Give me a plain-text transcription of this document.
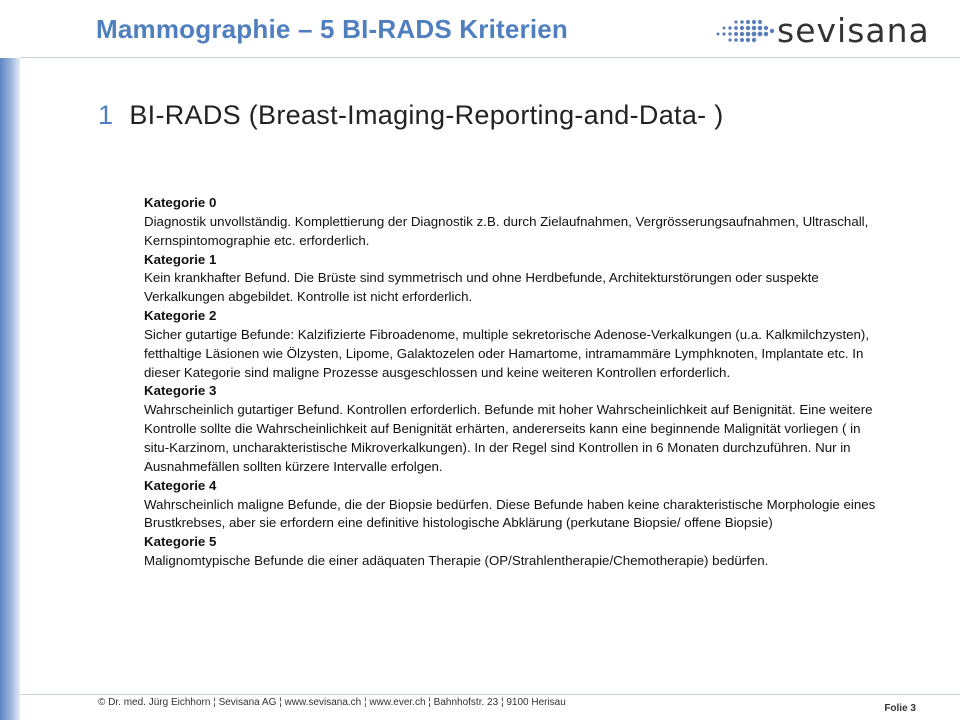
Mammographie – 5 BI-RADS Kriterien	sevisana
1 BI-RADS (Breast-Imaging-Reporting-and-Data- )

Kategorie 0

Diagnostik unvollständig. Komplettierung der Diagnostik z.B. durch Zielaufnahmen, Vergrösserungsaufnahmen, Ultraschall, Kernspintomographie etc. erforderlich.

Kategorie 1

Kein krankhafter Befund. Die Brüste sind symmetrisch und ohne Herdbefunde, Architekturstörungen oder suspekte Verkalkungen abgebildet. Kontrolle ist nicht erforderlich.

Kategorie 2

Sicher gutartige Befunde: Kalzifizierte Fibroadenome, multiple sekretorische Adenose-Verkalkungen (u.a. Kalkmilchzysten), fetthaltige Läsionen wie Ölzysten, Lipome, Galaktozelen oder Hamartome, intramammäre Lymphknoten, Implantate etc. In dieser Kategorie sind maligne Prozesse ausgeschlossen und keine weiteren Kontrollen erforderlich.

Kategorie 3

Wahrscheinlich gutartiger Befund. Kontrollen erforderlich. Befunde mit hoher Wahrscheinlichkeit auf Benignität. Eine weitere Kontrolle sollte die Wahrscheinlichkeit auf Benignität erhärten, andererseits kann eine beginnende Malignität vorliegen ( in situ-Karzinom, uncharakteristische Mikroverkalkungen). In der Regel sind Kontrollen in 6 Monaten durchzuführen. Nur in Ausnahmefällen sollten kürzere Intervalle erfolgen.

Kategorie 4

Wahrscheinlich maligne Befunde, die der Biopsie bedürfen. Diese Befunde haben keine charakteristische Morphologie eines Brustkrebses, aber sie erfordern eine definitive histologische Abklärung (perkutane Biopsie/ offene Biopsie)

Kategorie 5

Malignomtypische Befunde die einer adäquaten Therapie (OP/Strahlentherapie/Chemotherapie) bedürfen.

© Dr. med. Jürg Eichhorn ¦ Sevisana AG ¦ www.sevisana.ch ¦ www.ever.ch ¦ Bahnhofstr. 23 ¦ 9100 Herisau
Folie 3
